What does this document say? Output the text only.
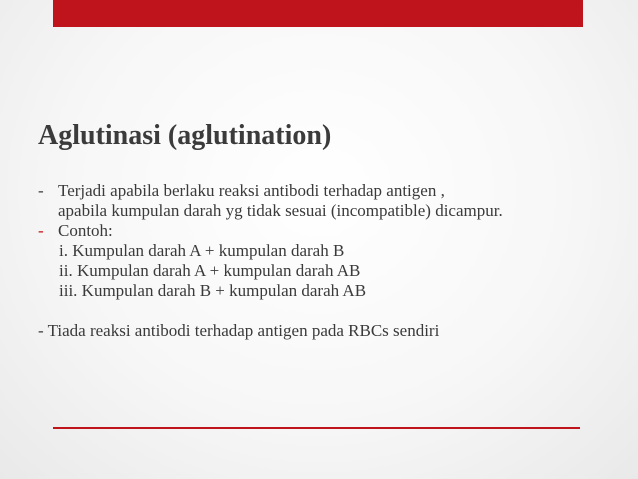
Aglutinasi (aglutination)
- Terjadi apabila berlaku reaksi antibodi terhadap antigen ,
apabila kumpulan darah yg tidak sesuai (incompatible) dicampur.
- Contoh:
i. Kumpulan darah A + kumpulan darah B
ii. Kumpulan darah A + kumpulan darah AB
iii. Kumpulan darah B + kumpulan darah AB
- Tiada reaksi antibodi terhadap antigen pada RBCs sendiri
